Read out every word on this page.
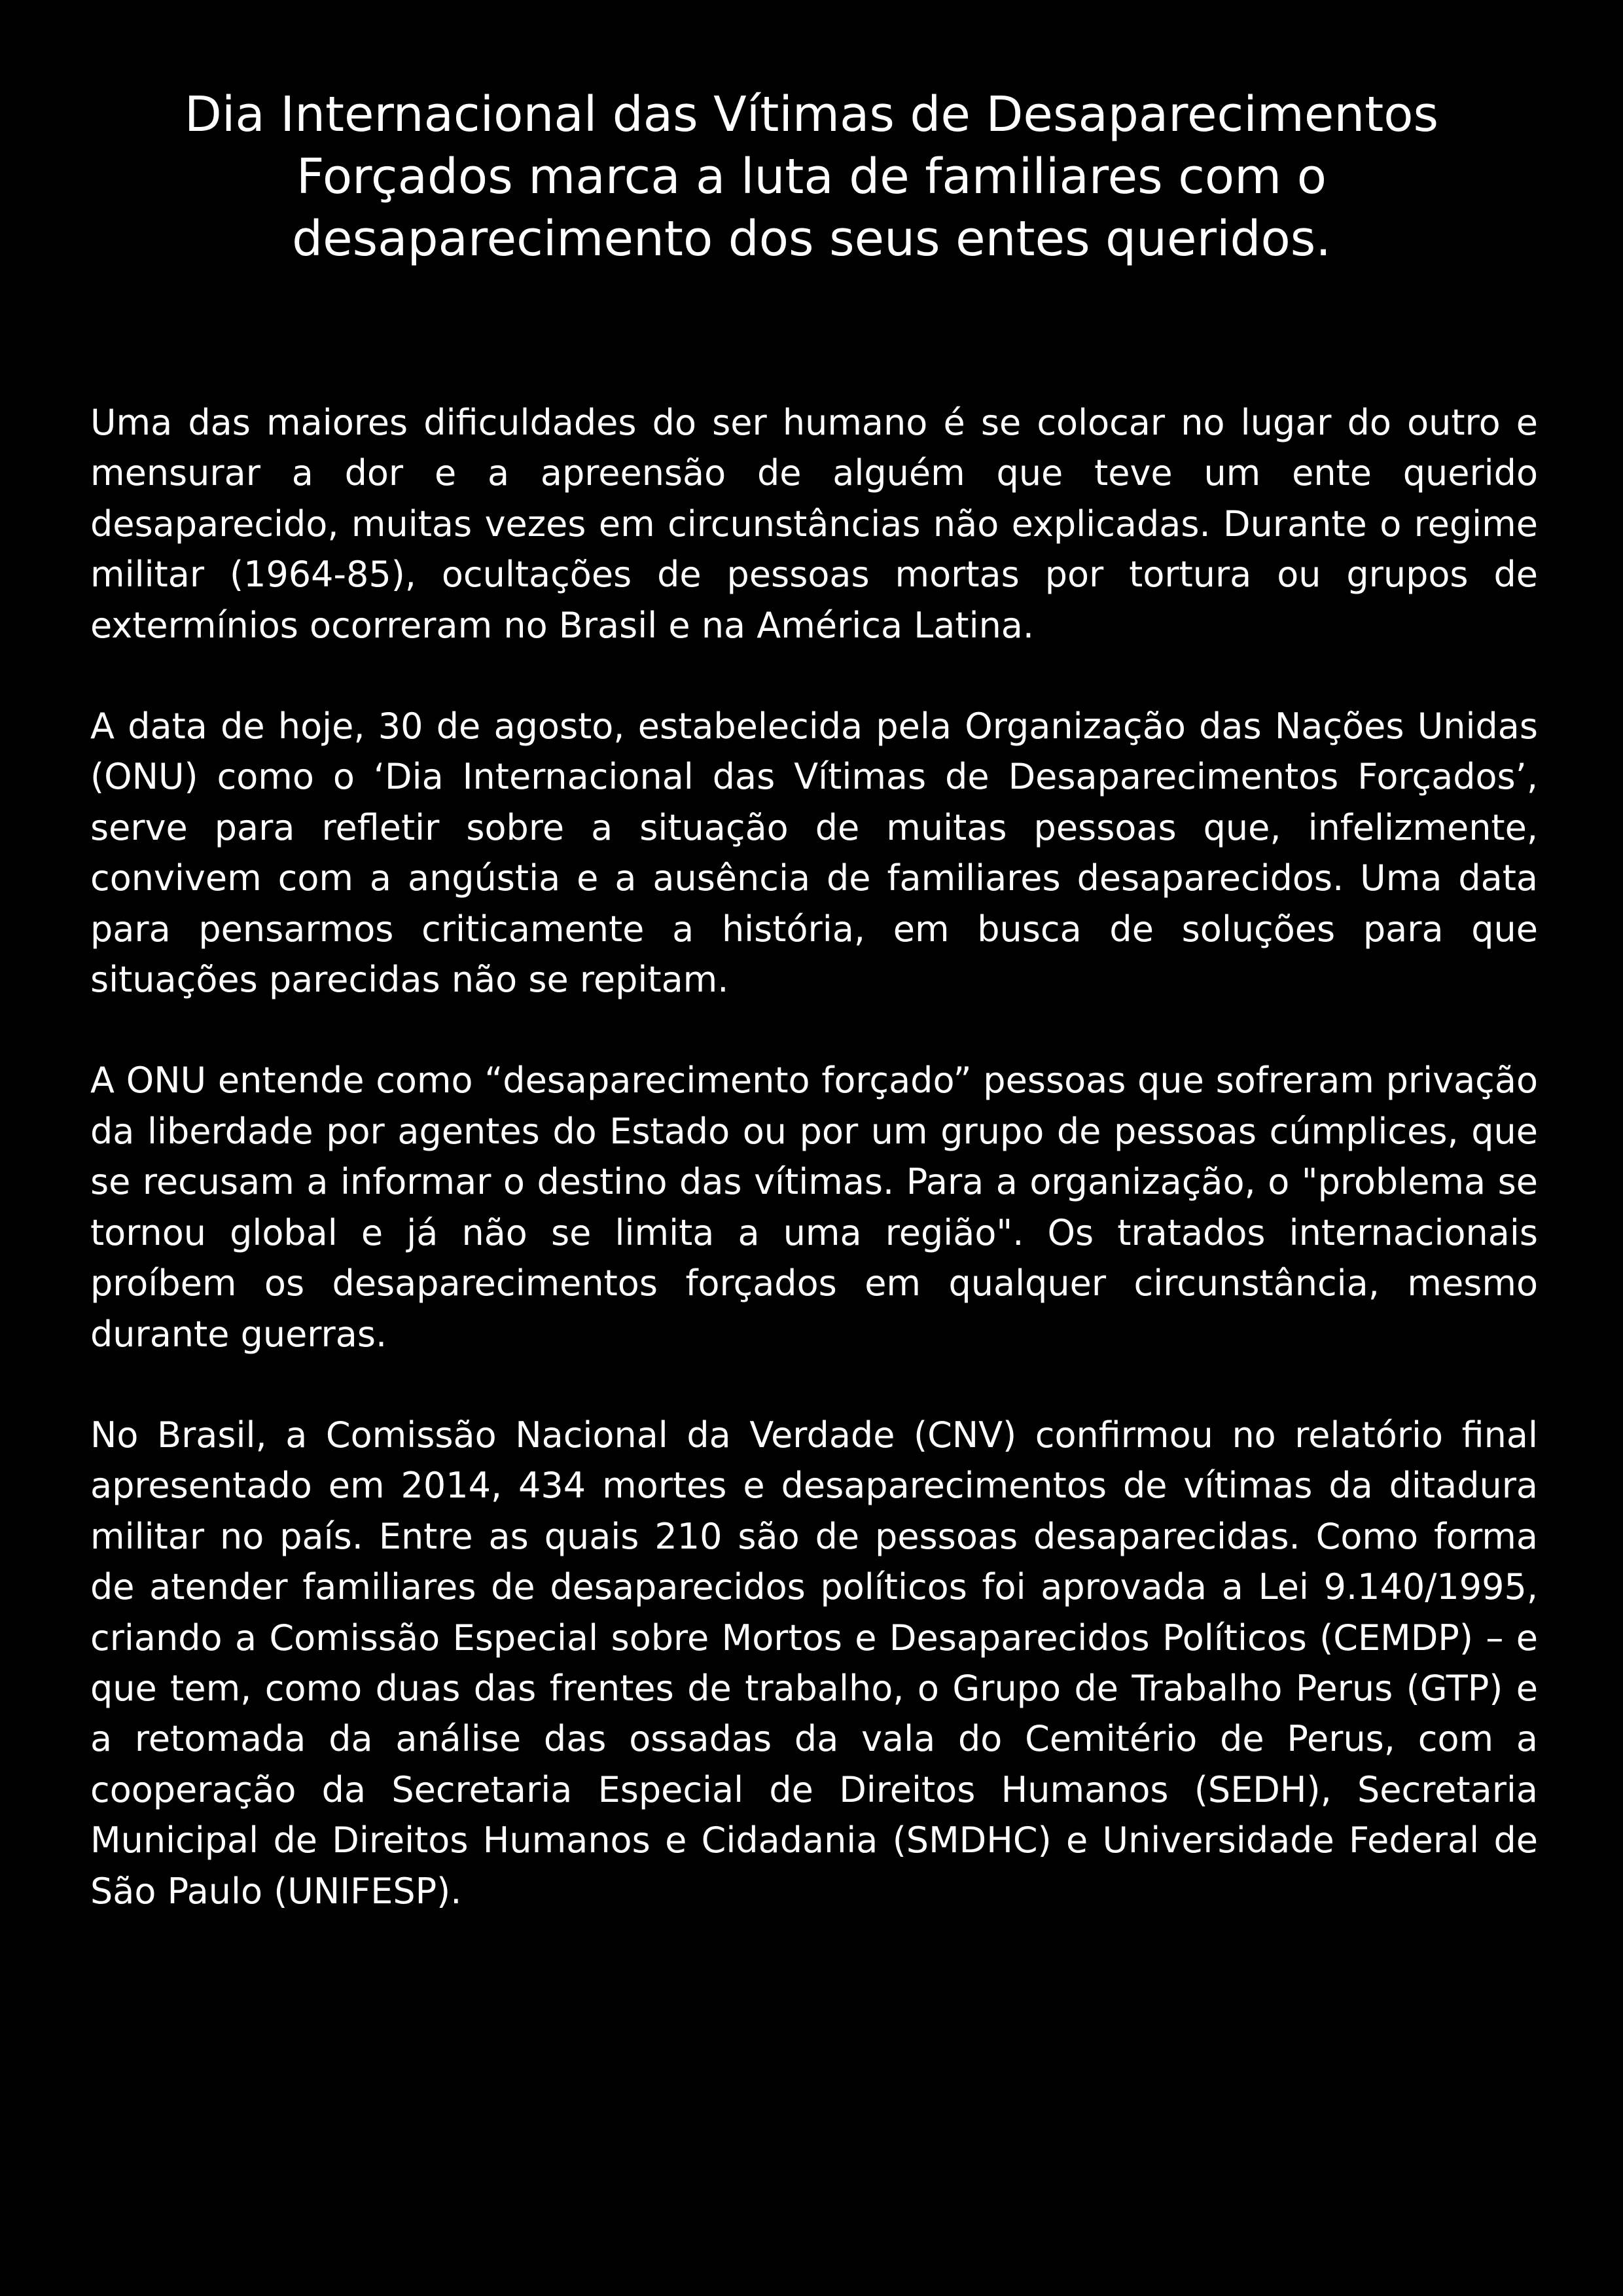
Dia Internacional das Vítimas de Desaparecimentos Forçados marca a luta de familiares com o desaparecimento dos seus entes queridos.

Uma das maiores dificuldades do ser humano é se colocar no lugar do outro e mensurar a dor e a apreensão de alguém que teve um ente querido desaparecido, muitas vezes em circunstâncias não explicadas. Durante o regime militar (1964-85), ocultações de pessoas mortas por tortura ou grupos de extermínios ocorreram no Brasil e na América Latina.

A data de hoje, 30 de agosto, estabelecida pela Organização das Nações Unidas (ONU) como o ‘Dia Internacional das Vítimas de Desaparecimentos Forçados’, serve para refletir sobre a situação de muitas pessoas que, infelizmente, convivem com a angústia e a ausência de familiares desaparecidos. Uma data para pensarmos criticamente a história, em busca de soluções para que situações parecidas não se repitam.

A ONU entende como “desaparecimento forçado” pessoas que sofreram privação da liberdade por agentes do Estado ou por um grupo de pessoas cúmplices, que se recusam a informar o destino das vítimas. Para a organização, o "problema se tornou global e já não se limita a uma região". Os tratados internacionais proíbem os desaparecimentos forçados em qualquer circunstância, mesmo durante guerras.

No Brasil, a Comissão Nacional da Verdade (CNV) confirmou no relatório final apresentado em 2014, 434 mortes e desaparecimentos de vítimas da ditadura militar no país. Entre as quais 210 são de pessoas desaparecidas. Como forma de atender familiares de desaparecidos políticos foi aprovada a Lei 9.140/1995, criando a Comissão Especial sobre Mortos e Desaparecidos Políticos (CEMDP) – e que tem, como duas das frentes de trabalho, o Grupo de Trabalho Perus (GTP) e a retomada da análise das ossadas da vala do Cemitério de Perus, com a cooperação da Secretaria Especial de Direitos Humanos (SEDH), Secretaria Municipal de Direitos Humanos e Cidadania (SMDHC) e Universidade Federal de São Paulo (UNIFESP).
